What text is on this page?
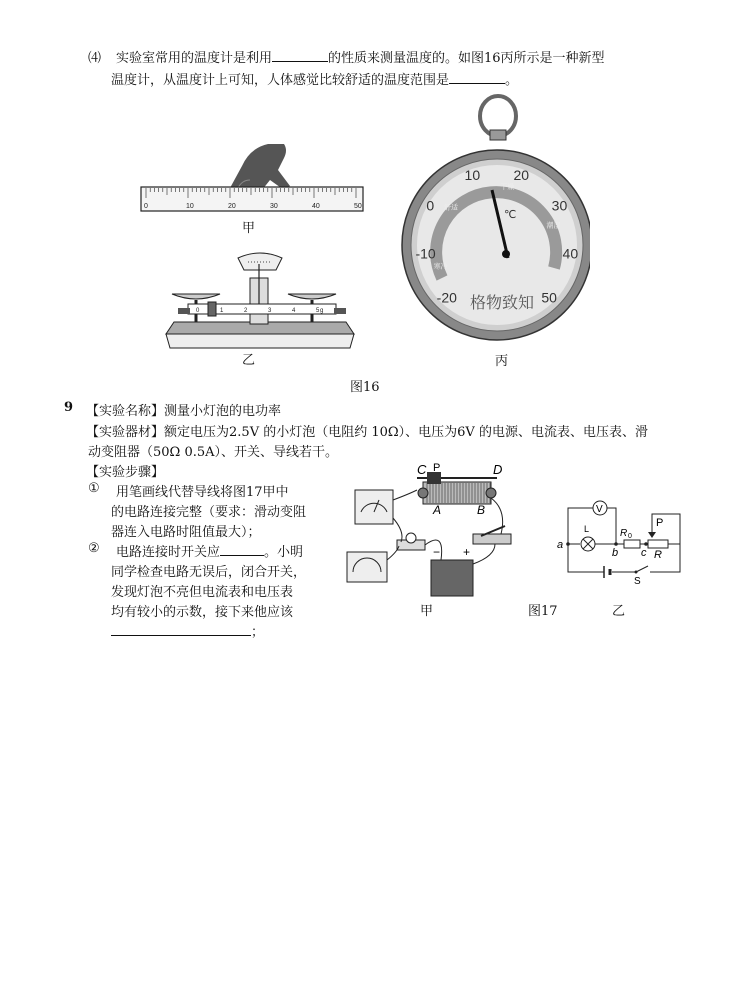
⑷ 实验室常用的温度计是利用	的性质来测量温度的。如图16丙所示是一种新型
温度计，从温度计上可知，人体感觉比较舒适的温度范围是	。
0	10	20	30	40	50
甲
0	1	2	3	4	5 g
乙
-20
-10
0
10 20
30
40
50
寒冷
舒适
干燥
潮湿
℃
格物致知
丙
图16
9 【实验名称】测量小灯泡的电功率
【实验器材】额定电压为2.5V 的小灯泡（电阻约 10Ω）、电压为6V 的电源、电流表、电压表、滑
动变阻器（50Ω 0.5A）、开关、导线若干。
【实验步骤】
① 用笔画线代替导线将图17甲中
的电路连接完整（要求：滑动变阻
器连入电路时阻值最大）；
② 电路连接时开关应	。小明
同学检查电路无误后，闭合开关，
发现灯泡不亮但电流表和电压表
均有较小的示数，接下来他应该
；
C P	D
A	B
− +
甲
S
V
L	R 0
P
R
a
b c
图17	乙
